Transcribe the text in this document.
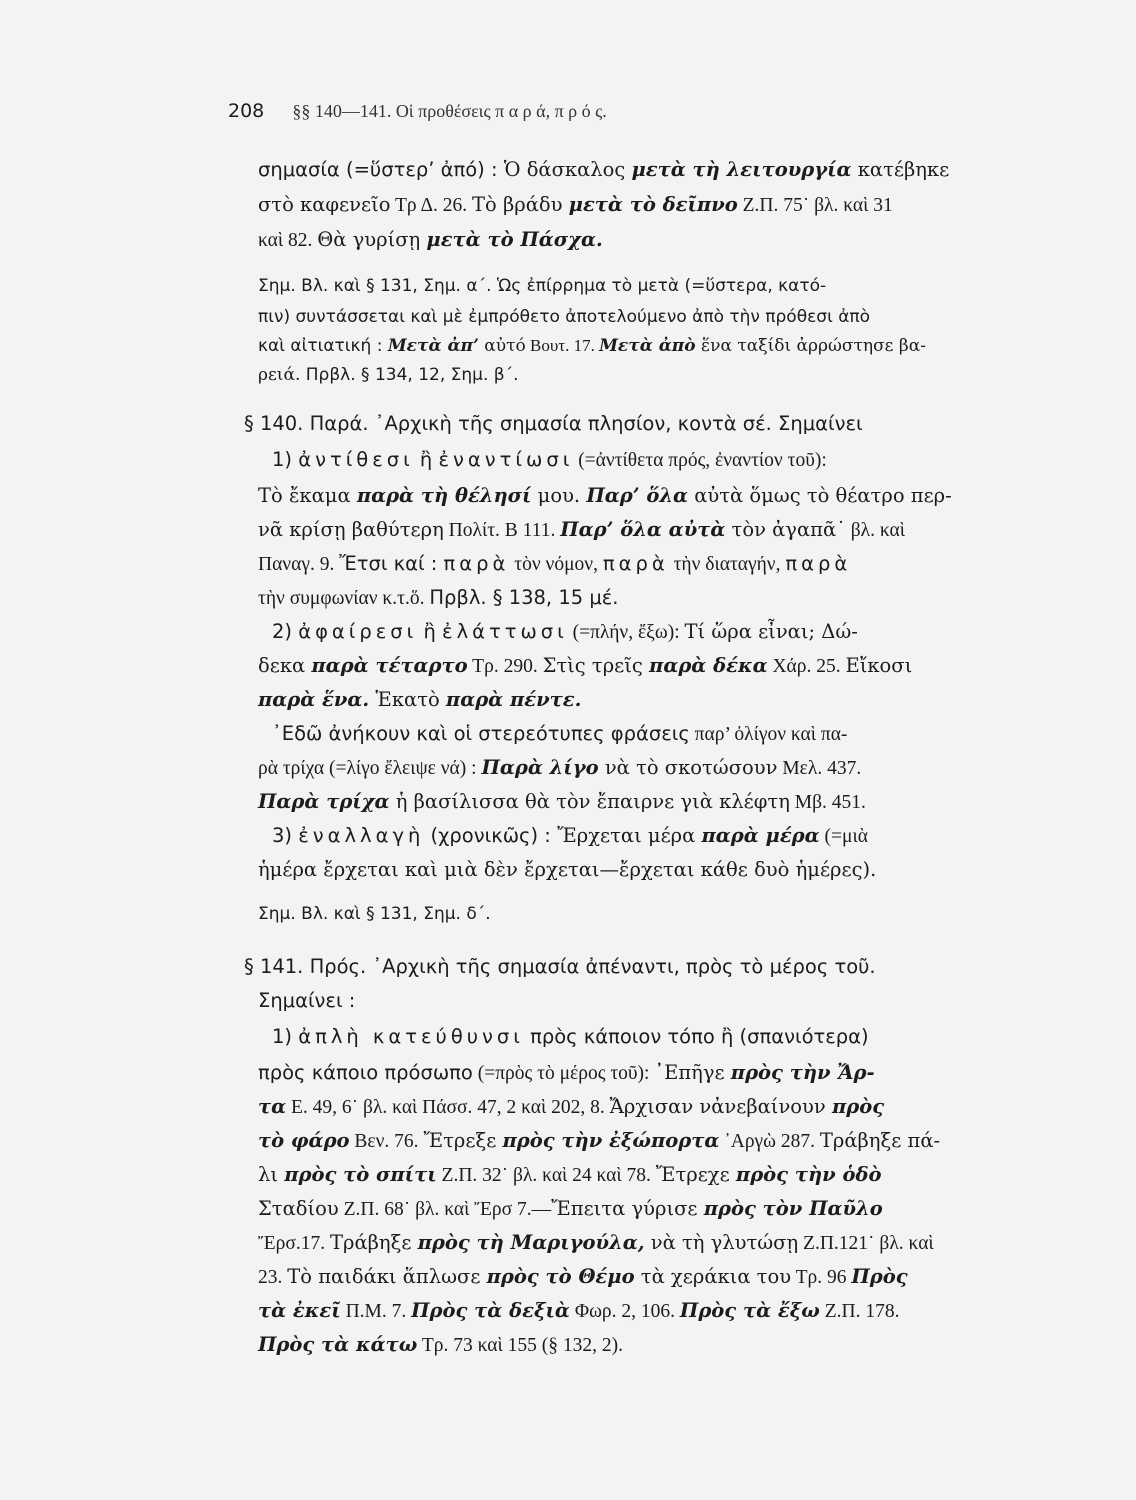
208 §§ 140—141. Οἱ προθέσεις π α ρ ά, π ρ ό ς.
σημασία (=ὕστερ’ ἀπό) : Ὁ δάσκαλος μετὰ τὴ λειτουργία κατέβηκε
στὸ καφενεῖο Τρ Δ. 26. Τὸ βράδυ μετὰ τὸ δεῖπνο Ζ.Π. 75˙ βλ. καὶ 31
καὶ 82. Θὰ γυρίσῃ μετὰ τὸ Πάσχα.
Σημ. Βλ. καὶ § 131, Σημ. α΄. Ὡς ἐπίρρημα τὸ μετὰ (=ὕστερα, κατό-
πιν) συντάσσεται καὶ μὲ ἐμπρόθετο ἀποτελούμενο ἀπὸ τὴν πρόθεσι ἀπὸ
καὶ αἰτιατική : Μετὰ ἀπ’ αὐτό Βουτ. 17. Μετὰ ἀπὸ ἕνα ταξίδι ἀρρώστησε βα-
ρειά. Πρβλ. § 134, 12, Σημ. β΄.
§ 140. Παρά. ᾿Αρχικὴ τῆς σημασία πλησίον, κοντὰ σέ. Σημαίνει
1) ἀντίθεσι ἢ ἐναντίωσι (=ἀντίθετα πρός, ἐναντίον τοῦ):
Τὸ ἔκαμα παρὰ τὴ θέλησί μου. Παρ’ ὅλα αὐτὰ ὅμως τὸ θέατρο περ-
νᾶ κρίσῃ βαθύτερη Πολίτ. Β 111. Παρ’ ὅλα αὐτὰ τὸν ἀγαπᾶ˙ βλ. καὶ
Παναγ. 9. Ἔτσι καί : παρὰ τὸν νόμον, παρὰ τὴν διαταγήν, παρὰ
τὴν συμφωνίαν κ.τ.ὅ. Πρβλ. § 138, 15 μέ.
2) ἀφαίρεσι ἢ ἐλάττωσι (=πλήν, ἔξω): Τί ὥρα εἶναι; Δώ-
δεκα παρὰ τέταρτο Τρ. 290. Στὶς τρεῖς παρὰ δέκα Χάρ. 25. Εἴκοσι
παρὰ ἕνα. Ἑκατὸ παρὰ πέντε.
᾿Εδῶ ἀνήκουν καὶ οἱ στερεότυπες φράσεις παρ’ ὀλίγον καὶ πα-
ρὰ τρίχα (=λίγο ἔλειψε νά) : Παρὰ λίγο νὰ τὸ σκοτώσουν Μελ. 437.
Παρὰ τρίχα ἡ βασίλισσα θὰ τὸν ἔπαιρνε γιὰ κλέφτη Μβ. 451.
3) ἐναλλαγὴ (χρονικῶς) : Ἔρχεται μέρα παρὰ μέρα (=μιὰ
ἡμέρα ἔρχεται καὶ μιὰ δὲν ἔρχεται—ἔρχεται κάθε δυὸ ἡμέρες).
Σημ. Βλ. καὶ § 131, Σημ. δ΄.
§ 141. Πρός. ᾿Αρχικὴ τῆς σημασία ἀπέναντι, πρὸς τὸ μέρος τοῦ.
Σημαίνει :
1) ἀπλὴ κατεύθυνσι πρὸς κάποιον τόπο ἢ (σπανιότερα)
πρὸς κάποιο πρόσωπο (=πρὸς τὸ μέρος τοῦ): ᾿Επῆγε πρὸς τὴν Ἄρ-
τα Ε. 49, 6˙ βλ. καὶ Πάσσ. 47, 2 καὶ 202, 8. Ἄρχισαν νἀνεβαίνουν πρὸς
τὸ φάρο Βεν. 76. Ἔτρεξε πρὸς τὴν ἐξώπορτα ᾿Αργὼ 287. Τράβηξε πά-
λι πρὸς τὸ σπίτι Ζ.Π. 32˙ βλ. καὶ 24 καὶ 78. Ἔτρεχε πρὸς τὴν ὁδὸ
Σταδίου Ζ.Π. 68˙ βλ. καὶ Ἔρσ 7.—Ἔπειτα γύρισε πρὸς τὸν Παῦλο
Ἔρσ.17. Τράβηξε πρὸς τὴ Μαριγούλα, νὰ τὴ γλυτώσῃ Ζ.Π.121˙ βλ. καὶ
23. Τὸ παιδάκι ἅπλωσε πρὸς τὸ Θέμο τὰ χεράκια του Τρ. 96 Πρὸς
τὰ ἐκεῖ Π.Μ. 7. Πρὸς τὰ δεξιὰ Φωρ. 2, 106. Πρὸς τὰ ἔξω Ζ.Π. 178.
Πρὸς τὰ κάτω Τρ. 73 καὶ 155 (§ 132, 2).
